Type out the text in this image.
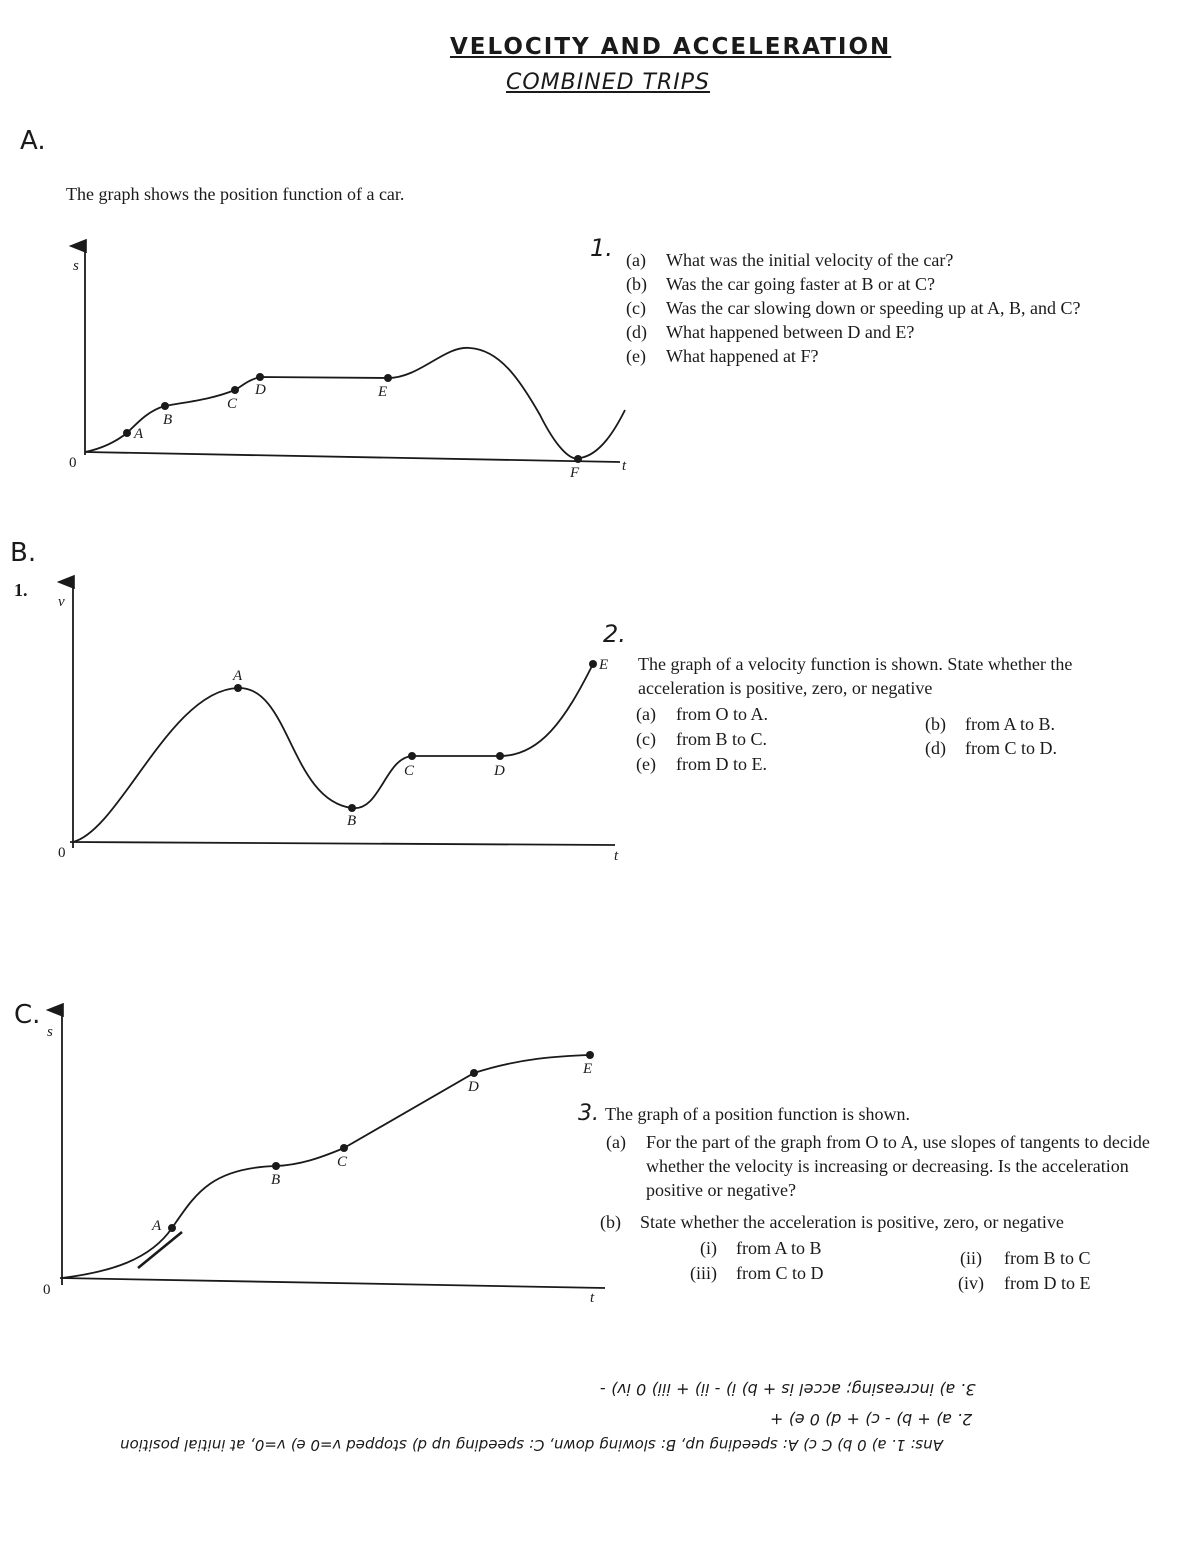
VELOCITY AND ACCELERATION
COMBINED TRIPS
A.
The graph shows the position function of a car.
s
0	t
A
B
C
D	E
F
1. (a) What was the initial velocity of the car?
(b) Was the car going faster at B or at C?
(c) Was the car slowing down or speeding up at A, B, and C?
(d) What happened between D and E?
(e) What happened at F?
B.
1.
v
0	t
A
B
C	D
E
2.
The graph of a velocity function is shown. State whether the acceleration is positive, zero, or negative
(a) from O to A.	(b) from A to B.
(c) from B to C.	(d) from C to D.
(e) from D to E.
C.
s
0	t
A
B
C
D
E
3. The graph of a position function is shown.
(a) For the part of the graph from O to A, use slopes of tangents to decide whether the velocity is increasing or decreasing. Is the acceleration positive or negative?
(b) State whether the acceleration is positive, zero, or negative
(i) from A to B	(ii) from B to C
(iii) from C to D	(iv) from D to E
3. a) increasing; accel is + b) i) - ii) + iii) 0 iv) -
2. a) + b) - c) + d) 0 e) +
Ans: 1. a) 0 b) C c) A: speeding up, B: slowing down, C: speeding up d) stopped v=0 e) v=0, at initial position
